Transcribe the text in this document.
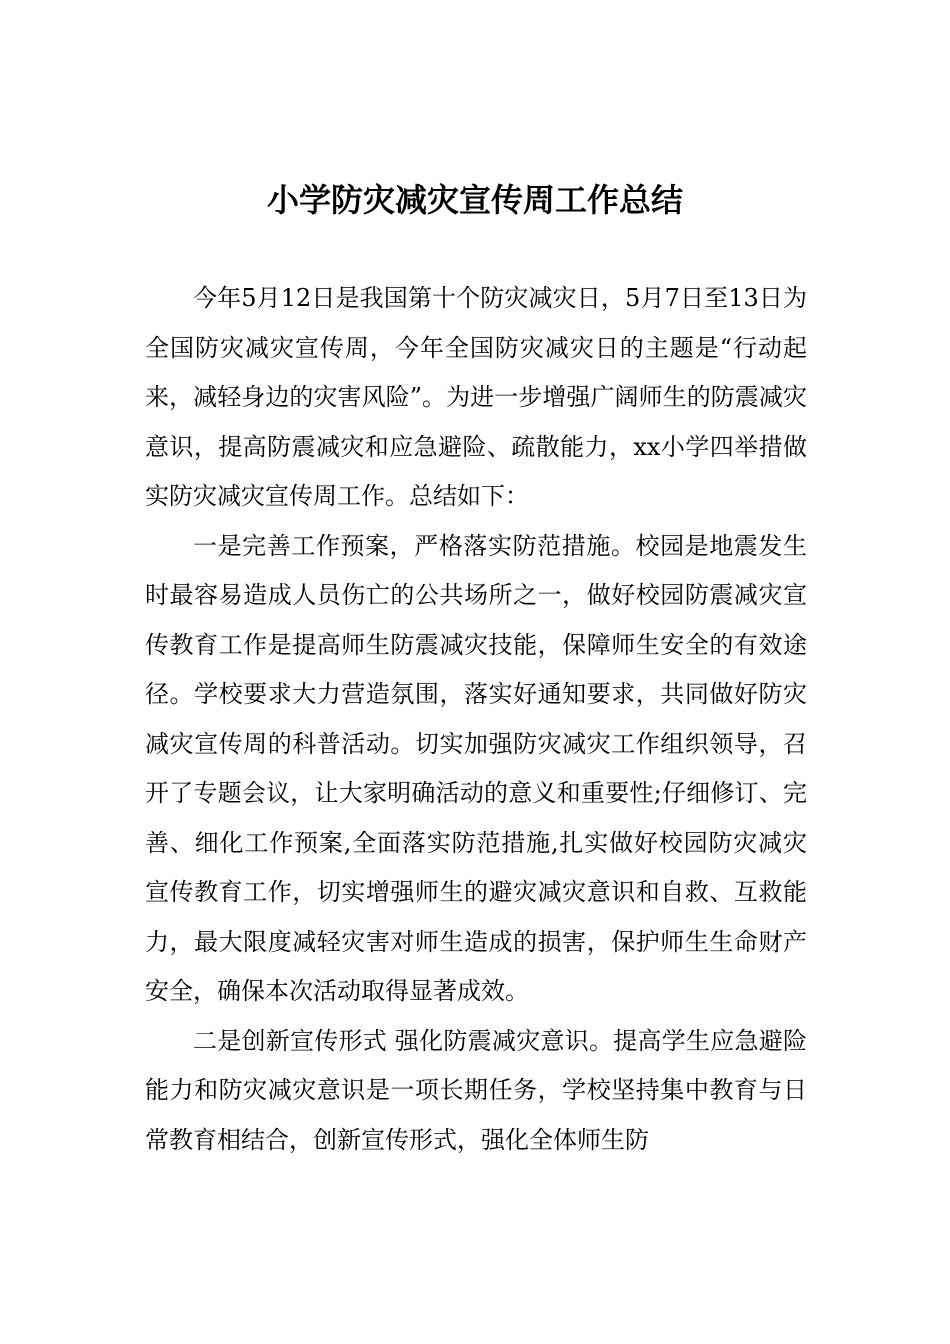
小学防灾减灾宣传周工作总结

今年5月12日是我国第十个防灾减灾日，5月7日至13日为全国防灾减灾宣传周，今年全国防灾减灾日的主题是“行动起来，减轻身边的灾害风险”。为进一步增强广阔师生的防震减灾意识，提高防震减灾和应急避险、疏散能力，xx小学四举措做实防灾减灾宣传周工作。总结如下：

一是完善工作预案，严格落实防范措施。校园是地震发生时最容易造成人员伤亡的公共场所之一，做好校园防震减灾宣传教育工作是提高师生防震减灾技能，保障师生安全的有效途径。学校要求大力营造氛围，落实好通知要求，共同做好防灾减灾宣传周的科普活动。切实加强防灾减灾工作组织领导，召开了专题会议，让大家明确活动的意义和重要性;仔细修订、完善、细化工作预案,全面落实防范措施,扎实做好校园防灾减灾宣传教育工作，切实增强师生的避灾减灾意识和自救、互救能力，最大限度减轻灾害对师生造成的损害，保护师生生命财产安全，确保本次活动取得显著成效。

二是创新宣传形式 强化防震减灾意识。提高学生应急避险能力和防灾减灾意识是一项长期任务，学校坚持集中教育与日常教育相结合，创新宣传形式，强化全体师生防
